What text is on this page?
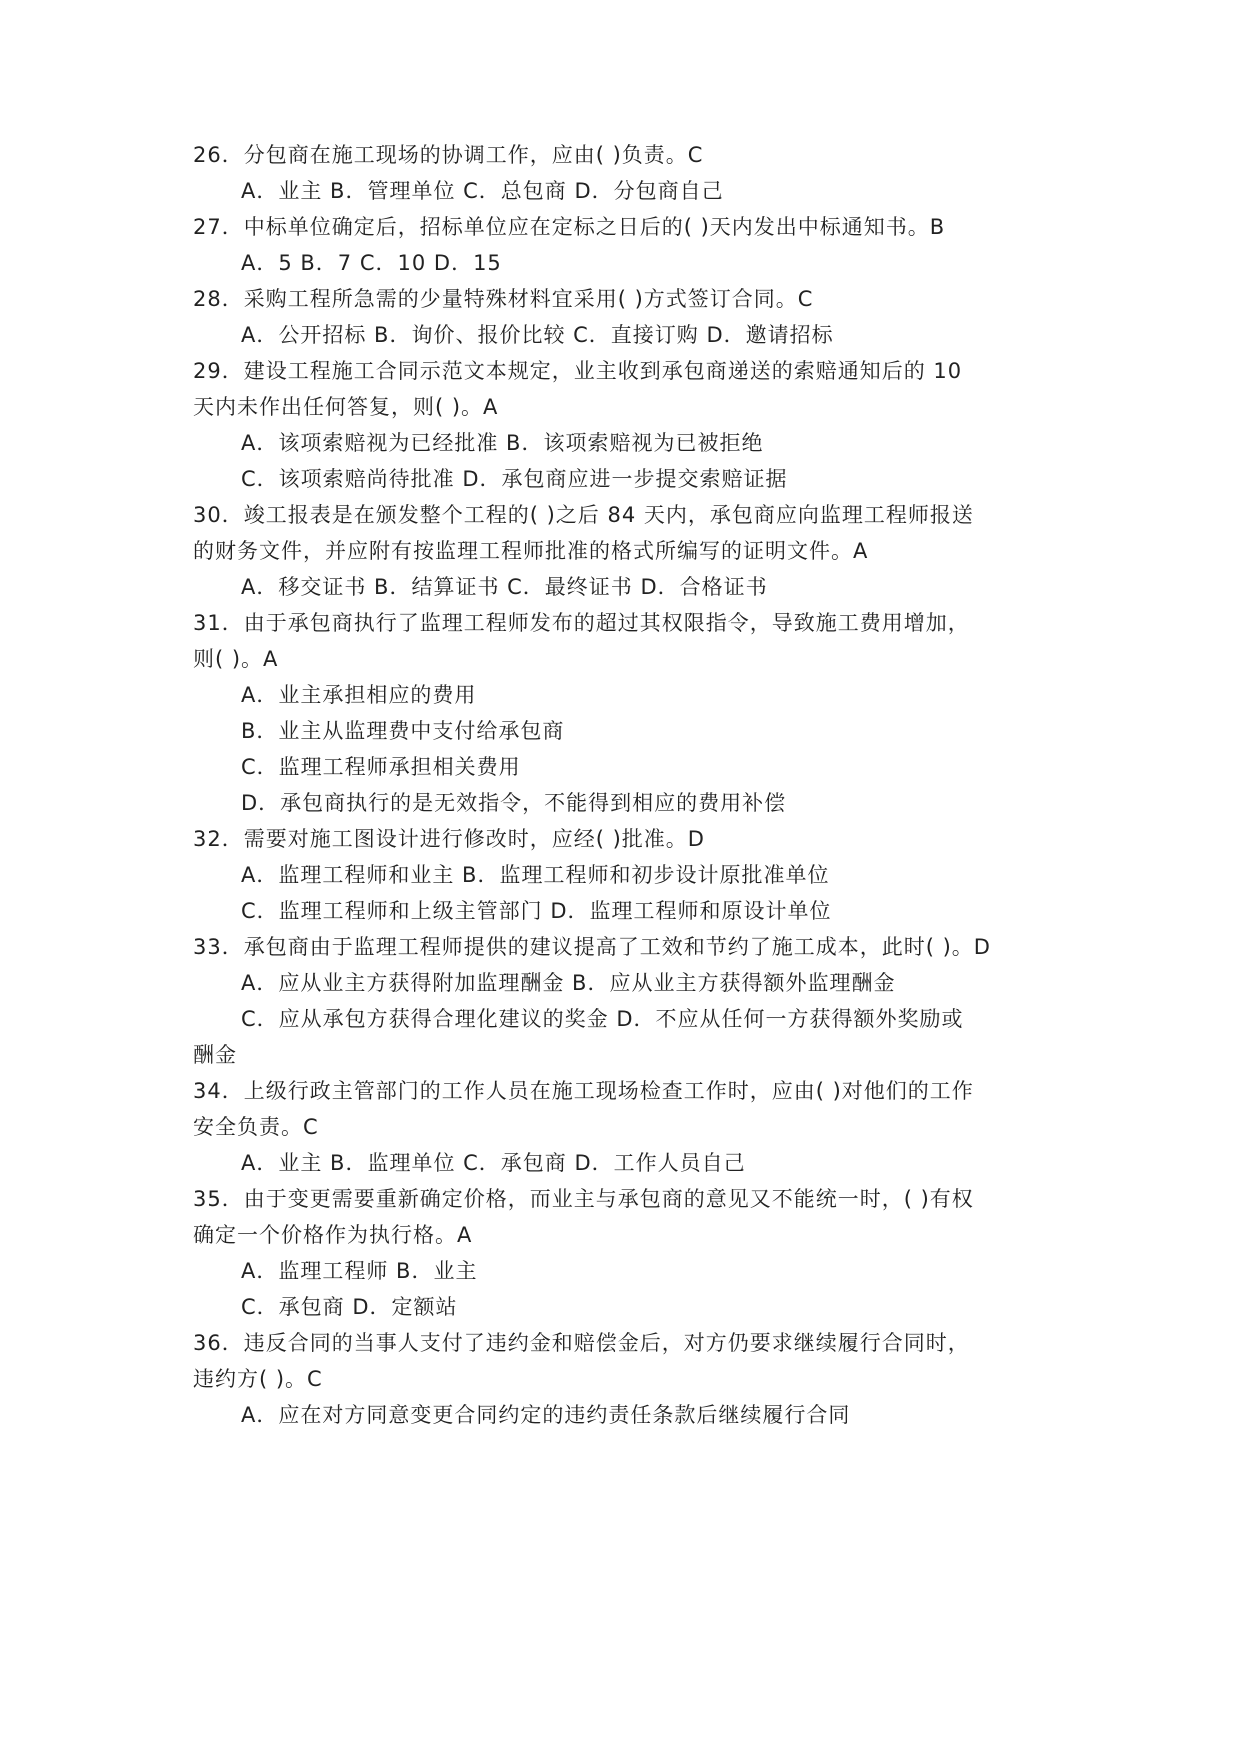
26．分包商在施工现场的协调工作，应由( )负责。C
A．业主 B．管理单位 C．总包商 D．分包商自己
27．中标单位确定后，招标单位应在定标之日后的( )天内发出中标通知书。B
A．5 B．7 C．10 D．15
28．采购工程所急需的少量特殊材料宜采用( )方式签订合同。C
A．公开招标 B．询价、报价比较 C．直接订购 D．邀请招标
29．建设工程施工合同示范文本规定，业主收到承包商递送的索赔通知后的 10
天内未作出任何答复，则( )。A
A．该项索赔视为已经批准 B．该项索赔视为已被拒绝
C．该项索赔尚待批准 D．承包商应进一步提交索赔证据
30．竣工报表是在颁发整个工程的( )之后 84 天内，承包商应向监理工程师报送
的财务文件，并应附有按监理工程师批准的格式所编写的证明文件。A
A．移交证书 B．结算证书 C．最终证书 D．合格证书
31．由于承包商执行了监理工程师发布的超过其权限指令，导致施工费用增加，
则( )。A
A．业主承担相应的费用
B．业主从监理费中支付给承包商
C．监理工程师承担相关费用
D．承包商执行的是无效指令，不能得到相应的费用补偿
32．需要对施工图设计进行修改时，应经( )批准。D
A．监理工程师和业主 B．监理工程师和初步设计原批准单位
C．监理工程师和上级主管部门 D．监理工程师和原设计单位
33．承包商由于监理工程师提供的建议提高了工效和节约了施工成本，此时( )。D
A．应从业主方获得附加监理酬金 B．应从业主方获得额外监理酬金
C．应从承包方获得合理化建议的奖金 D．不应从任何一方获得额外奖励或
酬金
34．上级行政主管部门的工作人员在施工现场检查工作时，应由( )对他们的工作
安全负责。C
A．业主 B．监理单位 C．承包商 D．工作人员自己
35．由于变更需要重新确定价格，而业主与承包商的意见又不能统一时，( )有权
确定一个价格作为执行格。A
A．监理工程师 B．业主
C．承包商 D．定额站
36．违反合同的当事人支付了违约金和赔偿金后，对方仍要求继续履行合同时，
违约方( )。C
A．应在对方同意变更合同约定的违约责任条款后继续履行合同
